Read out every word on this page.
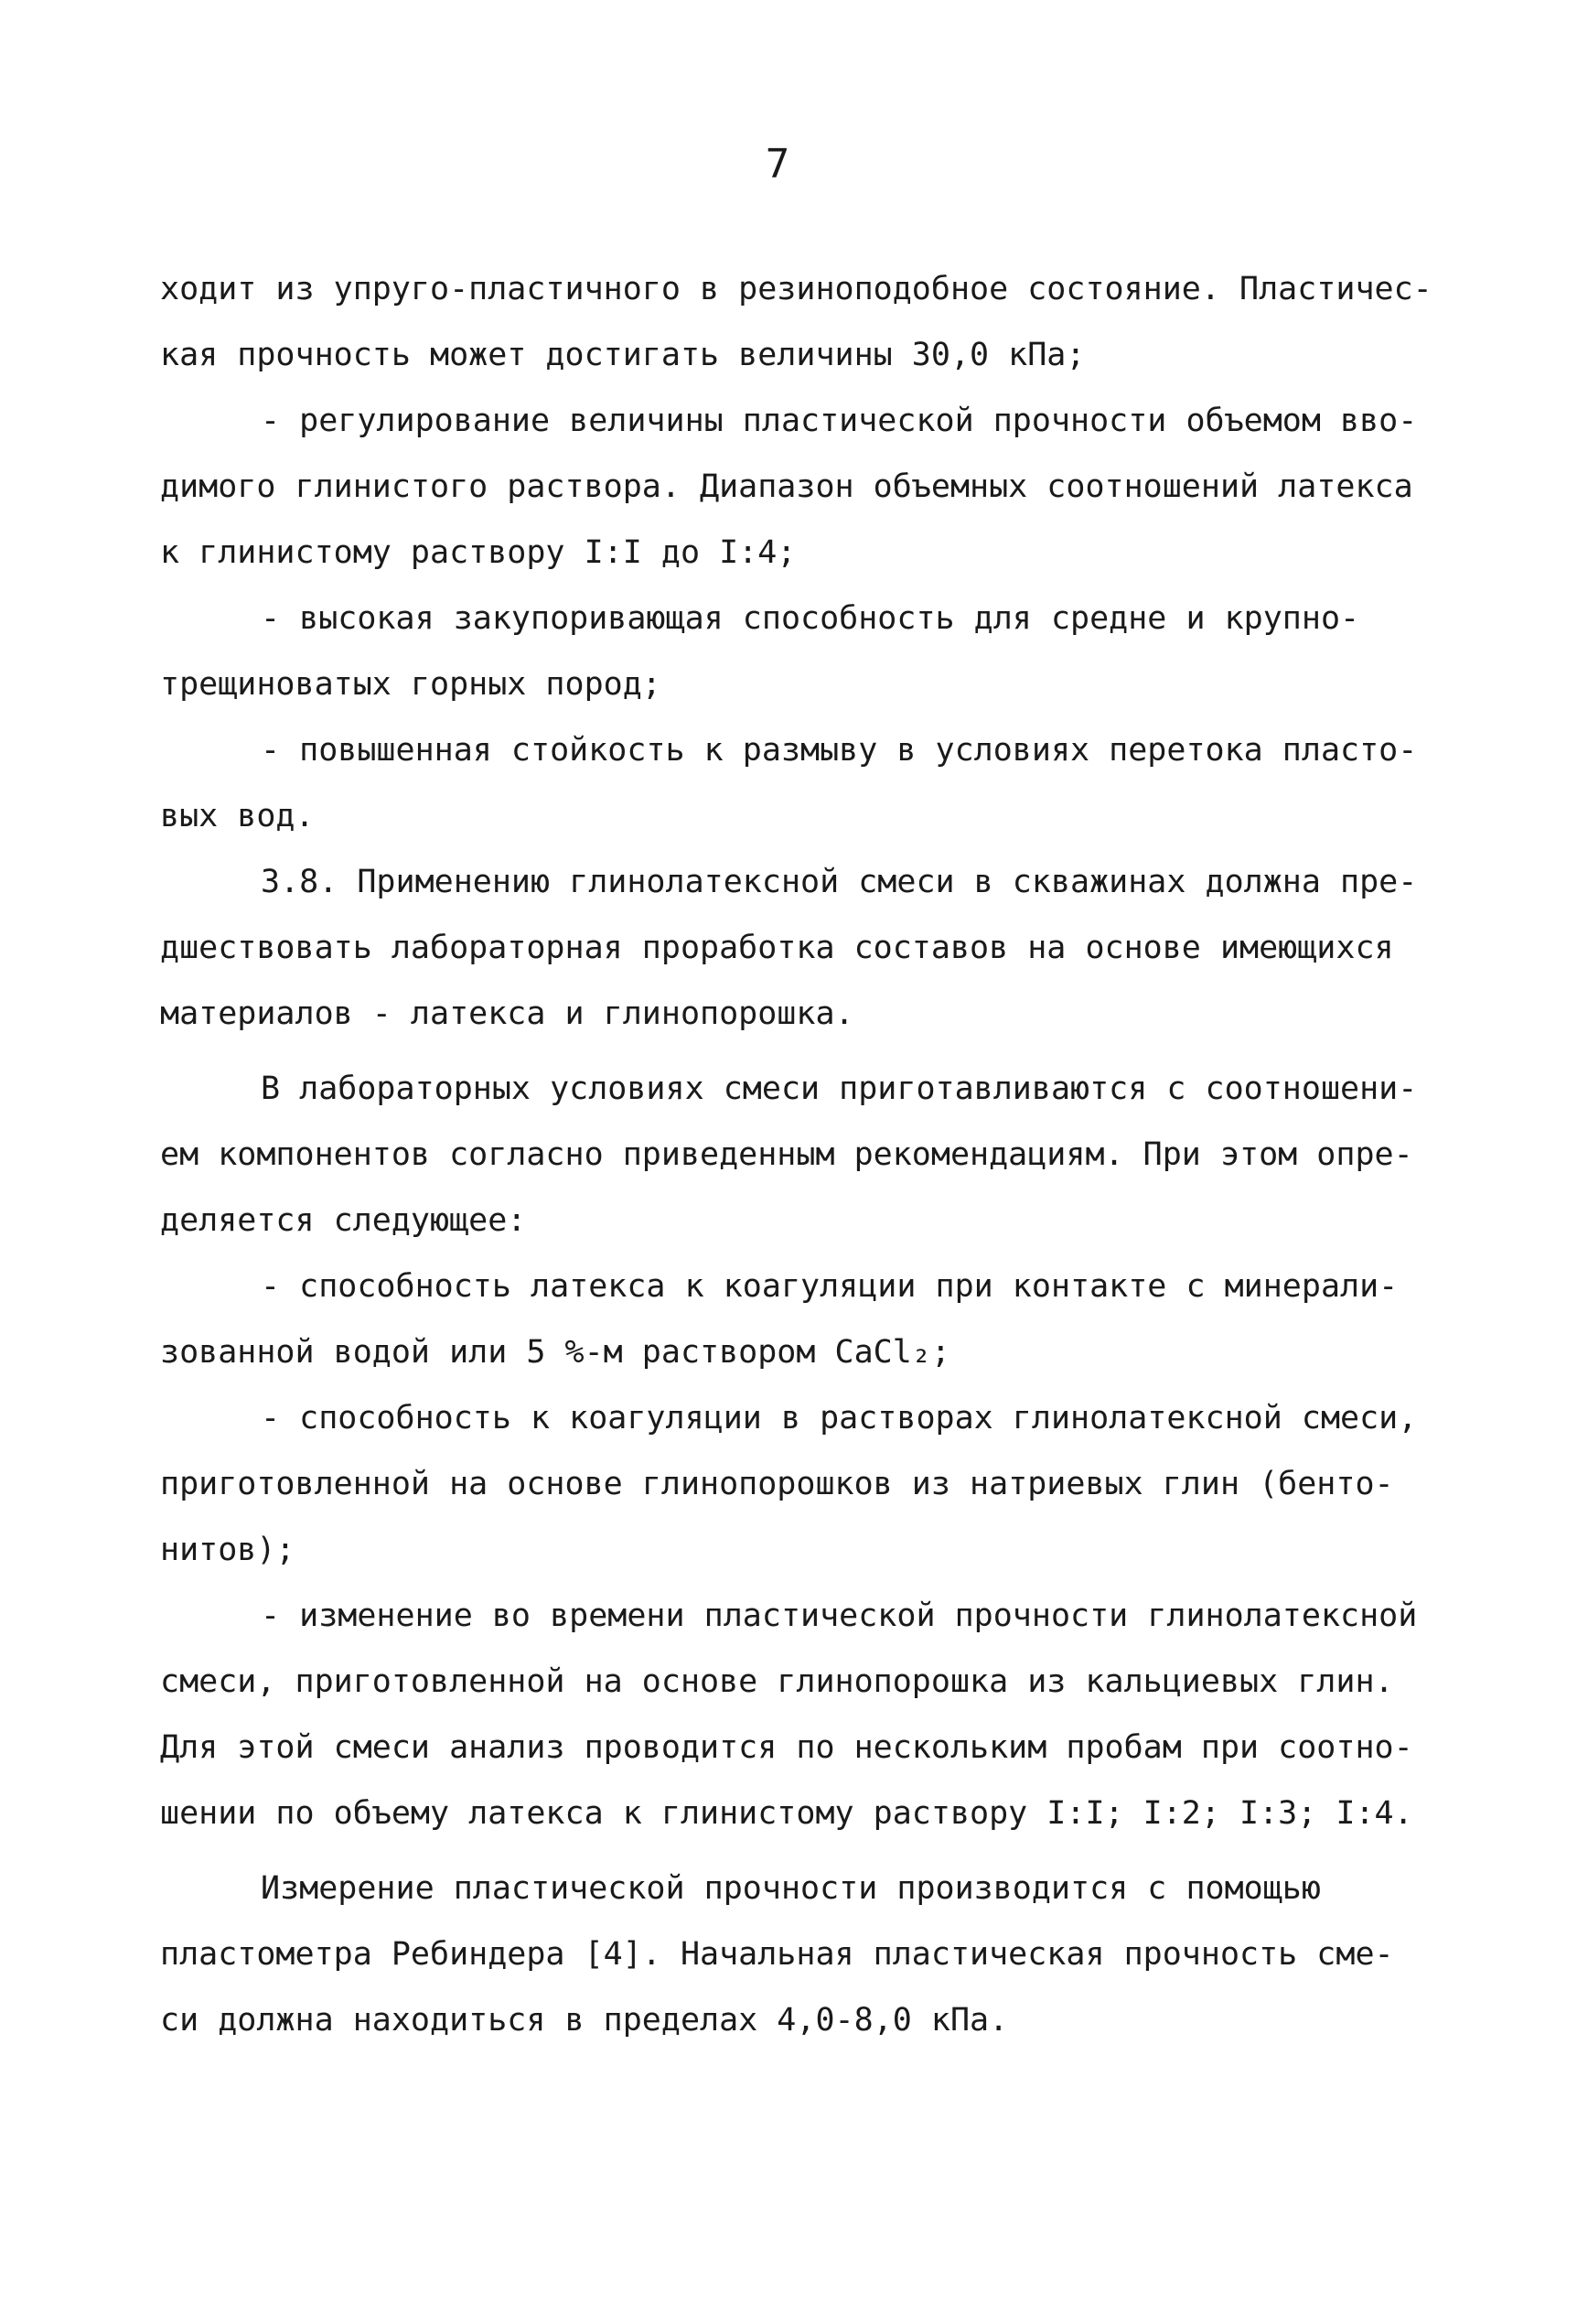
7
ходит из упруго-пластичного в резиноподобное состояние. Пластичес-
кая прочность может достигать величины 30,0 кПа;
- регулирование величины пластической прочности объемом вво-
димого глинистого раствора. Диапазон объемных соотношений латекса
к глинистому раствору I:I до I:4;
- высокая закупоривающая способность для средне и крупно-
трещиноватых горных пород;
- повышенная стойкость к размыву в условиях перетока пласто-
вых вод.
3.8. Применению глинолатексной смеси в скважинах должна пре-
дшествовать лабораторная проработка составов на основе имеющихся
материалов - латекса и глинопорошка.
В лабораторных условиях смеси приготавливаются с соотношени-
ем компонентов согласно приведенным рекомендациям. При этом опре-
деляется следующее:
- способность латекса к коагуляции при контакте с минерали-
зованной водой или 5 %-м раствором CaCl₂;
- способность к коагуляции в растворах глинолатексной смеси,
приготовленной на основе глинопорошков из натриевых глин (бенто-
нитов);
- изменение во времени пластической прочности глинолатексной
смеси, приготовленной на основе глинопорошка из кальциевых глин.
Для этой смеси анализ проводится по нескольким пробам при соотно-
шении по объему латекса к глинистому раствору I:I; I:2; I:3; I:4.
Измерение пластической прочности производится с помощью
пластометра Ребиндера [4]. Начальная пластическая прочность сме-
си должна находиться в пределах 4,0-8,0 кПа.
